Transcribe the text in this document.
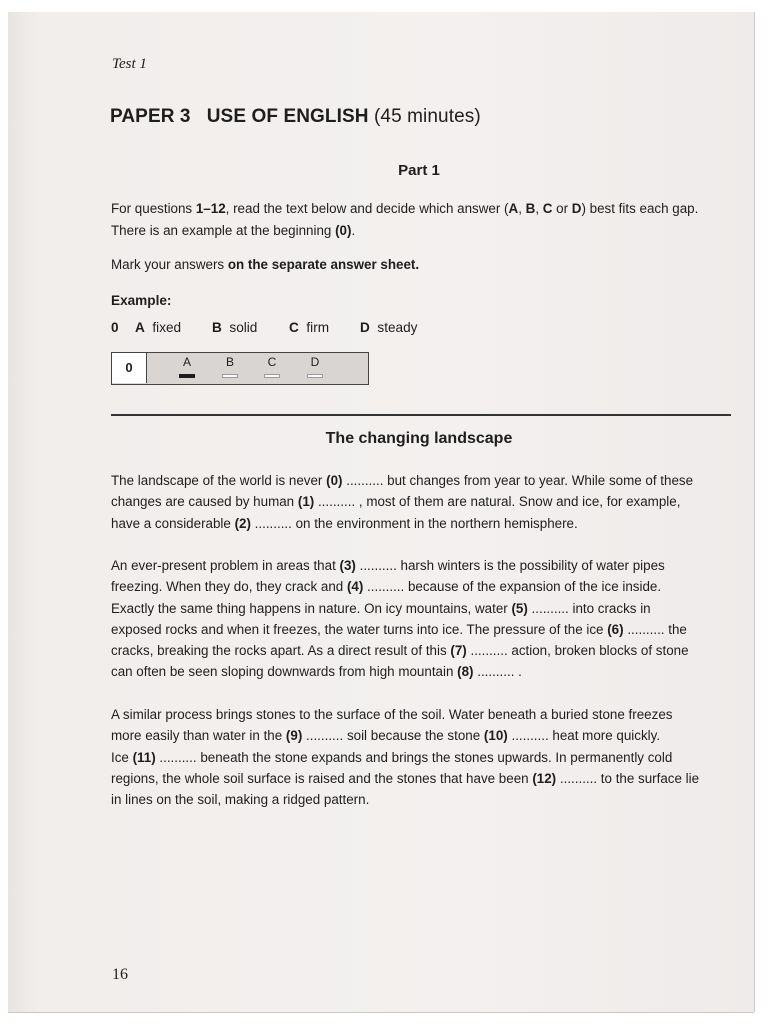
Test 1
PAPER 3   USE OF ENGLISH (45 minutes)
Part 1
For questions 1–12, read the text below and decide which answer (A, B, C or D) best fits each gap.
There is an example at the beginning (0).
Mark your answers on the separate answer sheet.
Example:
0 A fixed B solid C firm D steady
0	A	B	C	D
The changing landscape
The landscape of the world is never (0) .......... but changes from year to year. While some of these
changes are caused by human (1) .......... , most of them are natural. Snow and ice, for example,
have a considerable (2) .......... on the environment in the northern hemisphere.
An ever-present problem in areas that (3) .......... harsh winters is the possibility of water pipes
freezing. When they do, they crack and (4) .......... because of the expansion of the ice inside.
Exactly the same thing happens in nature. On icy mountains, water (5) .......... into cracks in
exposed rocks and when it freezes, the water turns into ice. The pressure of the ice (6) .......... the
cracks, breaking the rocks apart. As a direct result of this (7) .......... action, broken blocks of stone
can often be seen sloping downwards from high mountain (8) .......... .
A similar process brings stones to the surface of the soil. Water beneath a buried stone freezes
more easily than water in the (9) .......... soil because the stone (10) .......... heat more quickly.
Ice (11) .......... beneath the stone expands and brings the stones upwards. In permanently cold
regions, the whole soil surface is raised and the stones that have been (12) .......... to the surface lie
in lines on the soil, making a ridged pattern.
16
